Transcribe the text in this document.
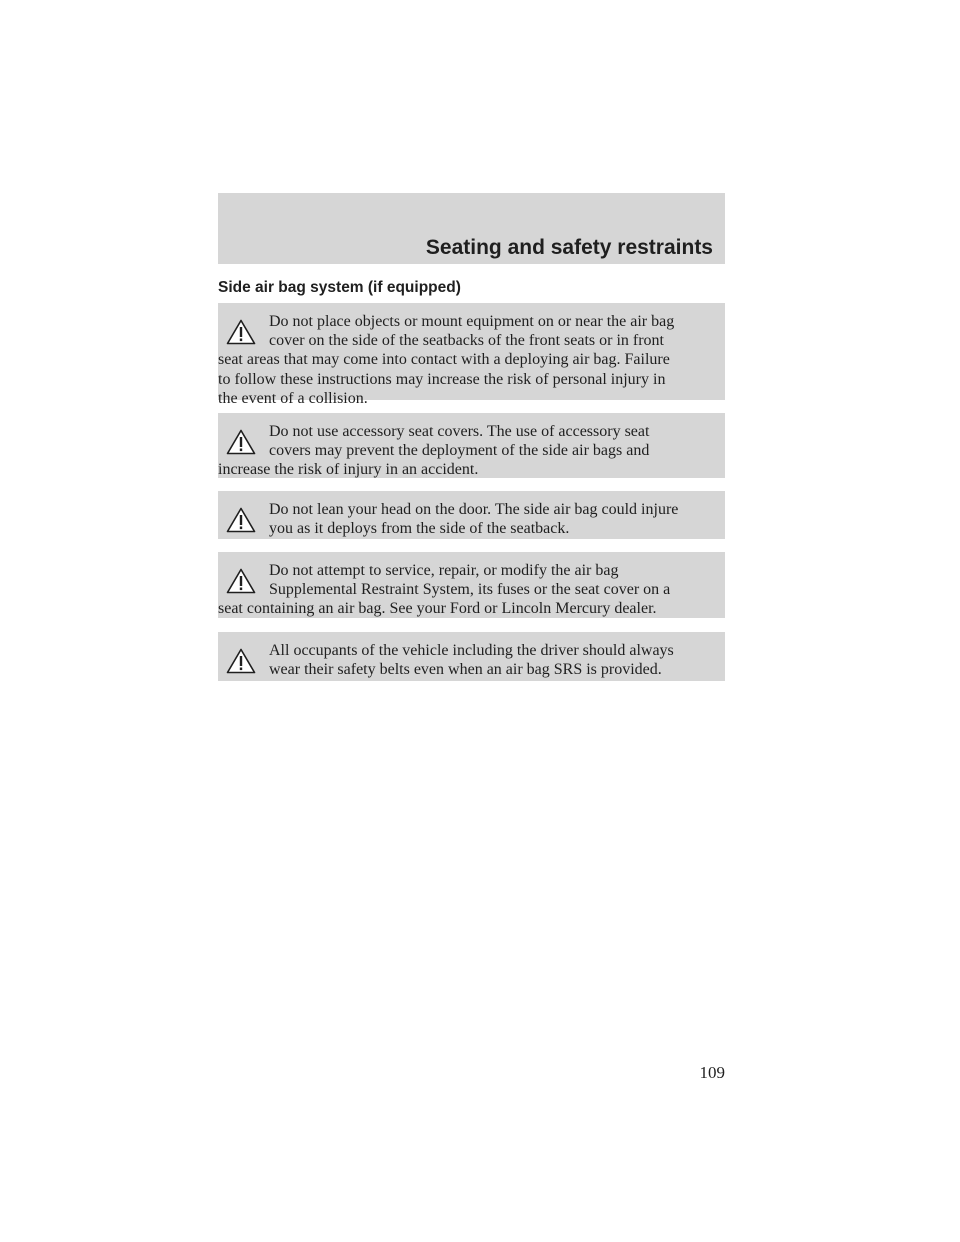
Seating and safety restraints
Side air bag system (if equipped)
Do not place objects or mount equipment on or near the air bag
cover on the side of the seatbacks of the front seats or in front
seat areas that may come into contact with a deploying air bag. Failure
to follow these instructions may increase the risk of personal injury in
the event of a collision.
Do not use accessory seat covers. The use of accessory seat
covers may prevent the deployment of the side air bags and
increase the risk of injury in an accident.
Do not lean your head on the door. The side air bag could injure
you as it deploys from the side of the seatback.
Do not attempt to service, repair, or modify the air bag
Supplemental Restraint System, its fuses or the seat cover on a
seat containing an air bag. See your Ford or Lincoln Mercury dealer.
All occupants of the vehicle including the driver should always
wear their safety belts even when an air bag SRS is provided.
109
